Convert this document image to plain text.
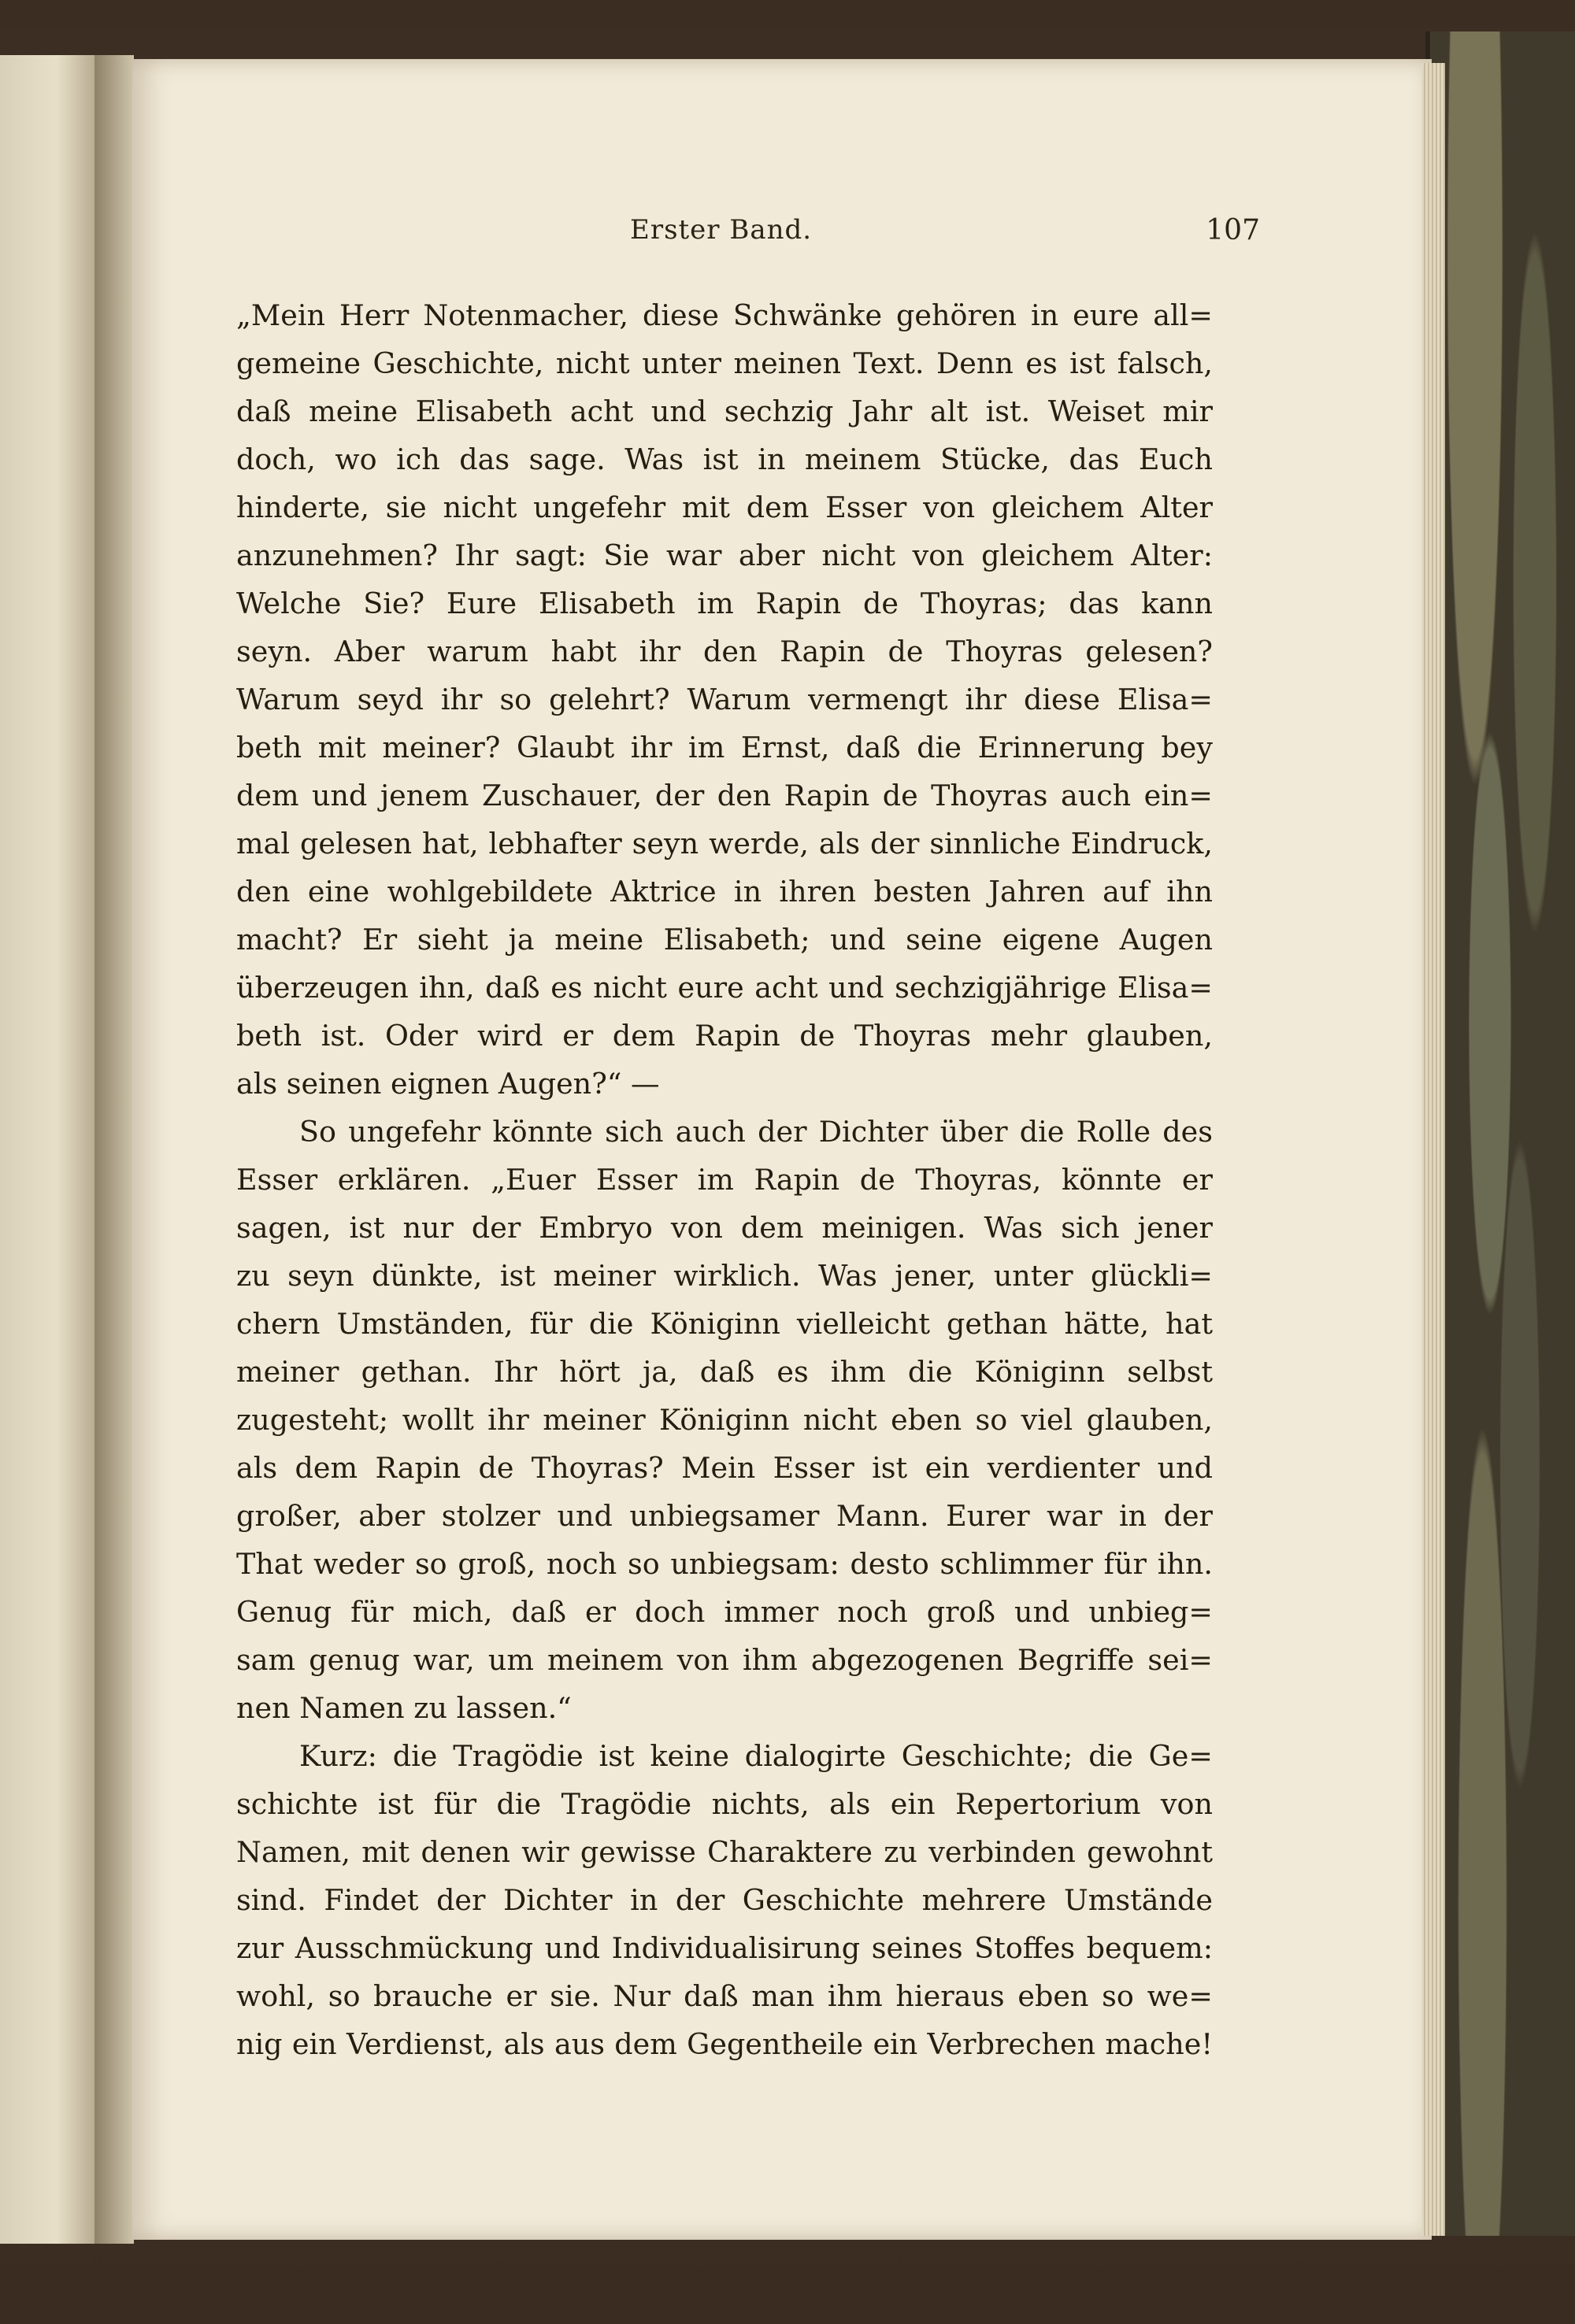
Erster Band.	107
„Mein Herr Notenmacher, diese Schwänke gehören in eure all=
gemeine Geschichte, nicht unter meinen Text. Denn es ist falsch,
daß meine Elisabeth acht und sechzig Jahr alt ist. Weiset mir
doch, wo ich das sage. Was ist in meinem Stücke, das Euch
hinderte, sie nicht ungefehr mit dem Esser von gleichem Alter
anzunehmen? Ihr sagt: Sie war aber nicht von gleichem Alter:
Welche Sie? Eure Elisabeth im Rapin de Thoyras; das kann
seyn. Aber warum habt ihr den Rapin de Thoyras gelesen?
Warum seyd ihr so gelehrt? Warum vermengt ihr diese Elisa=
beth mit meiner? Glaubt ihr im Ernst, daß die Erinnerung bey
dem und jenem Zuschauer, der den Rapin de Thoyras auch ein=
mal gelesen hat, lebhafter seyn werde, als der sinnliche Eindruck,
den eine wohlgebildete Aktrice in ihren besten Jahren auf ihn
macht? Er sieht ja meine Elisabeth; und seine eigene Augen
überzeugen ihn, daß es nicht eure acht und sechzigjährige Elisa=
beth ist. Oder wird er dem Rapin de Thoyras mehr glauben,
als seinen eignen Augen?“ —
So ungefehr könnte sich auch der Dichter über die Rolle des
Esser erklären. „Euer Esser im Rapin de Thoyras, könnte er
sagen, ist nur der Embryo von dem meinigen. Was sich jener
zu seyn dünkte, ist meiner wirklich. Was jener, unter glückli=
chern Umständen, für die Königinn vielleicht gethan hätte, hat
meiner gethan. Ihr hört ja, daß es ihm die Königinn selbst
zugesteht; wollt ihr meiner Königinn nicht eben so viel glauben,
als dem Rapin de Thoyras? Mein Esser ist ein verdienter und
großer, aber stolzer und unbiegsamer Mann. Eurer war in der
That weder so groß, noch so unbiegsam: desto schlimmer für ihn.
Genug für mich, daß er doch immer noch groß und unbieg=
sam genug war, um meinem von ihm abgezogenen Begriffe sei=
nen Namen zu lassen.“
Kurz: die Tragödie ist keine dialogirte Geschichte; die Ge=
schichte ist für die Tragödie nichts, als ein Repertorium von
Namen, mit denen wir gewisse Charaktere zu verbinden gewohnt
sind. Findet der Dichter in der Geschichte mehrere Umstände
zur Ausschmückung und Individualisirung seines Stoffes bequem:
wohl, so brauche er sie. Nur daß man ihm hieraus eben so we=
nig ein Verdienst, als aus dem Gegentheile ein Verbrechen mache!
